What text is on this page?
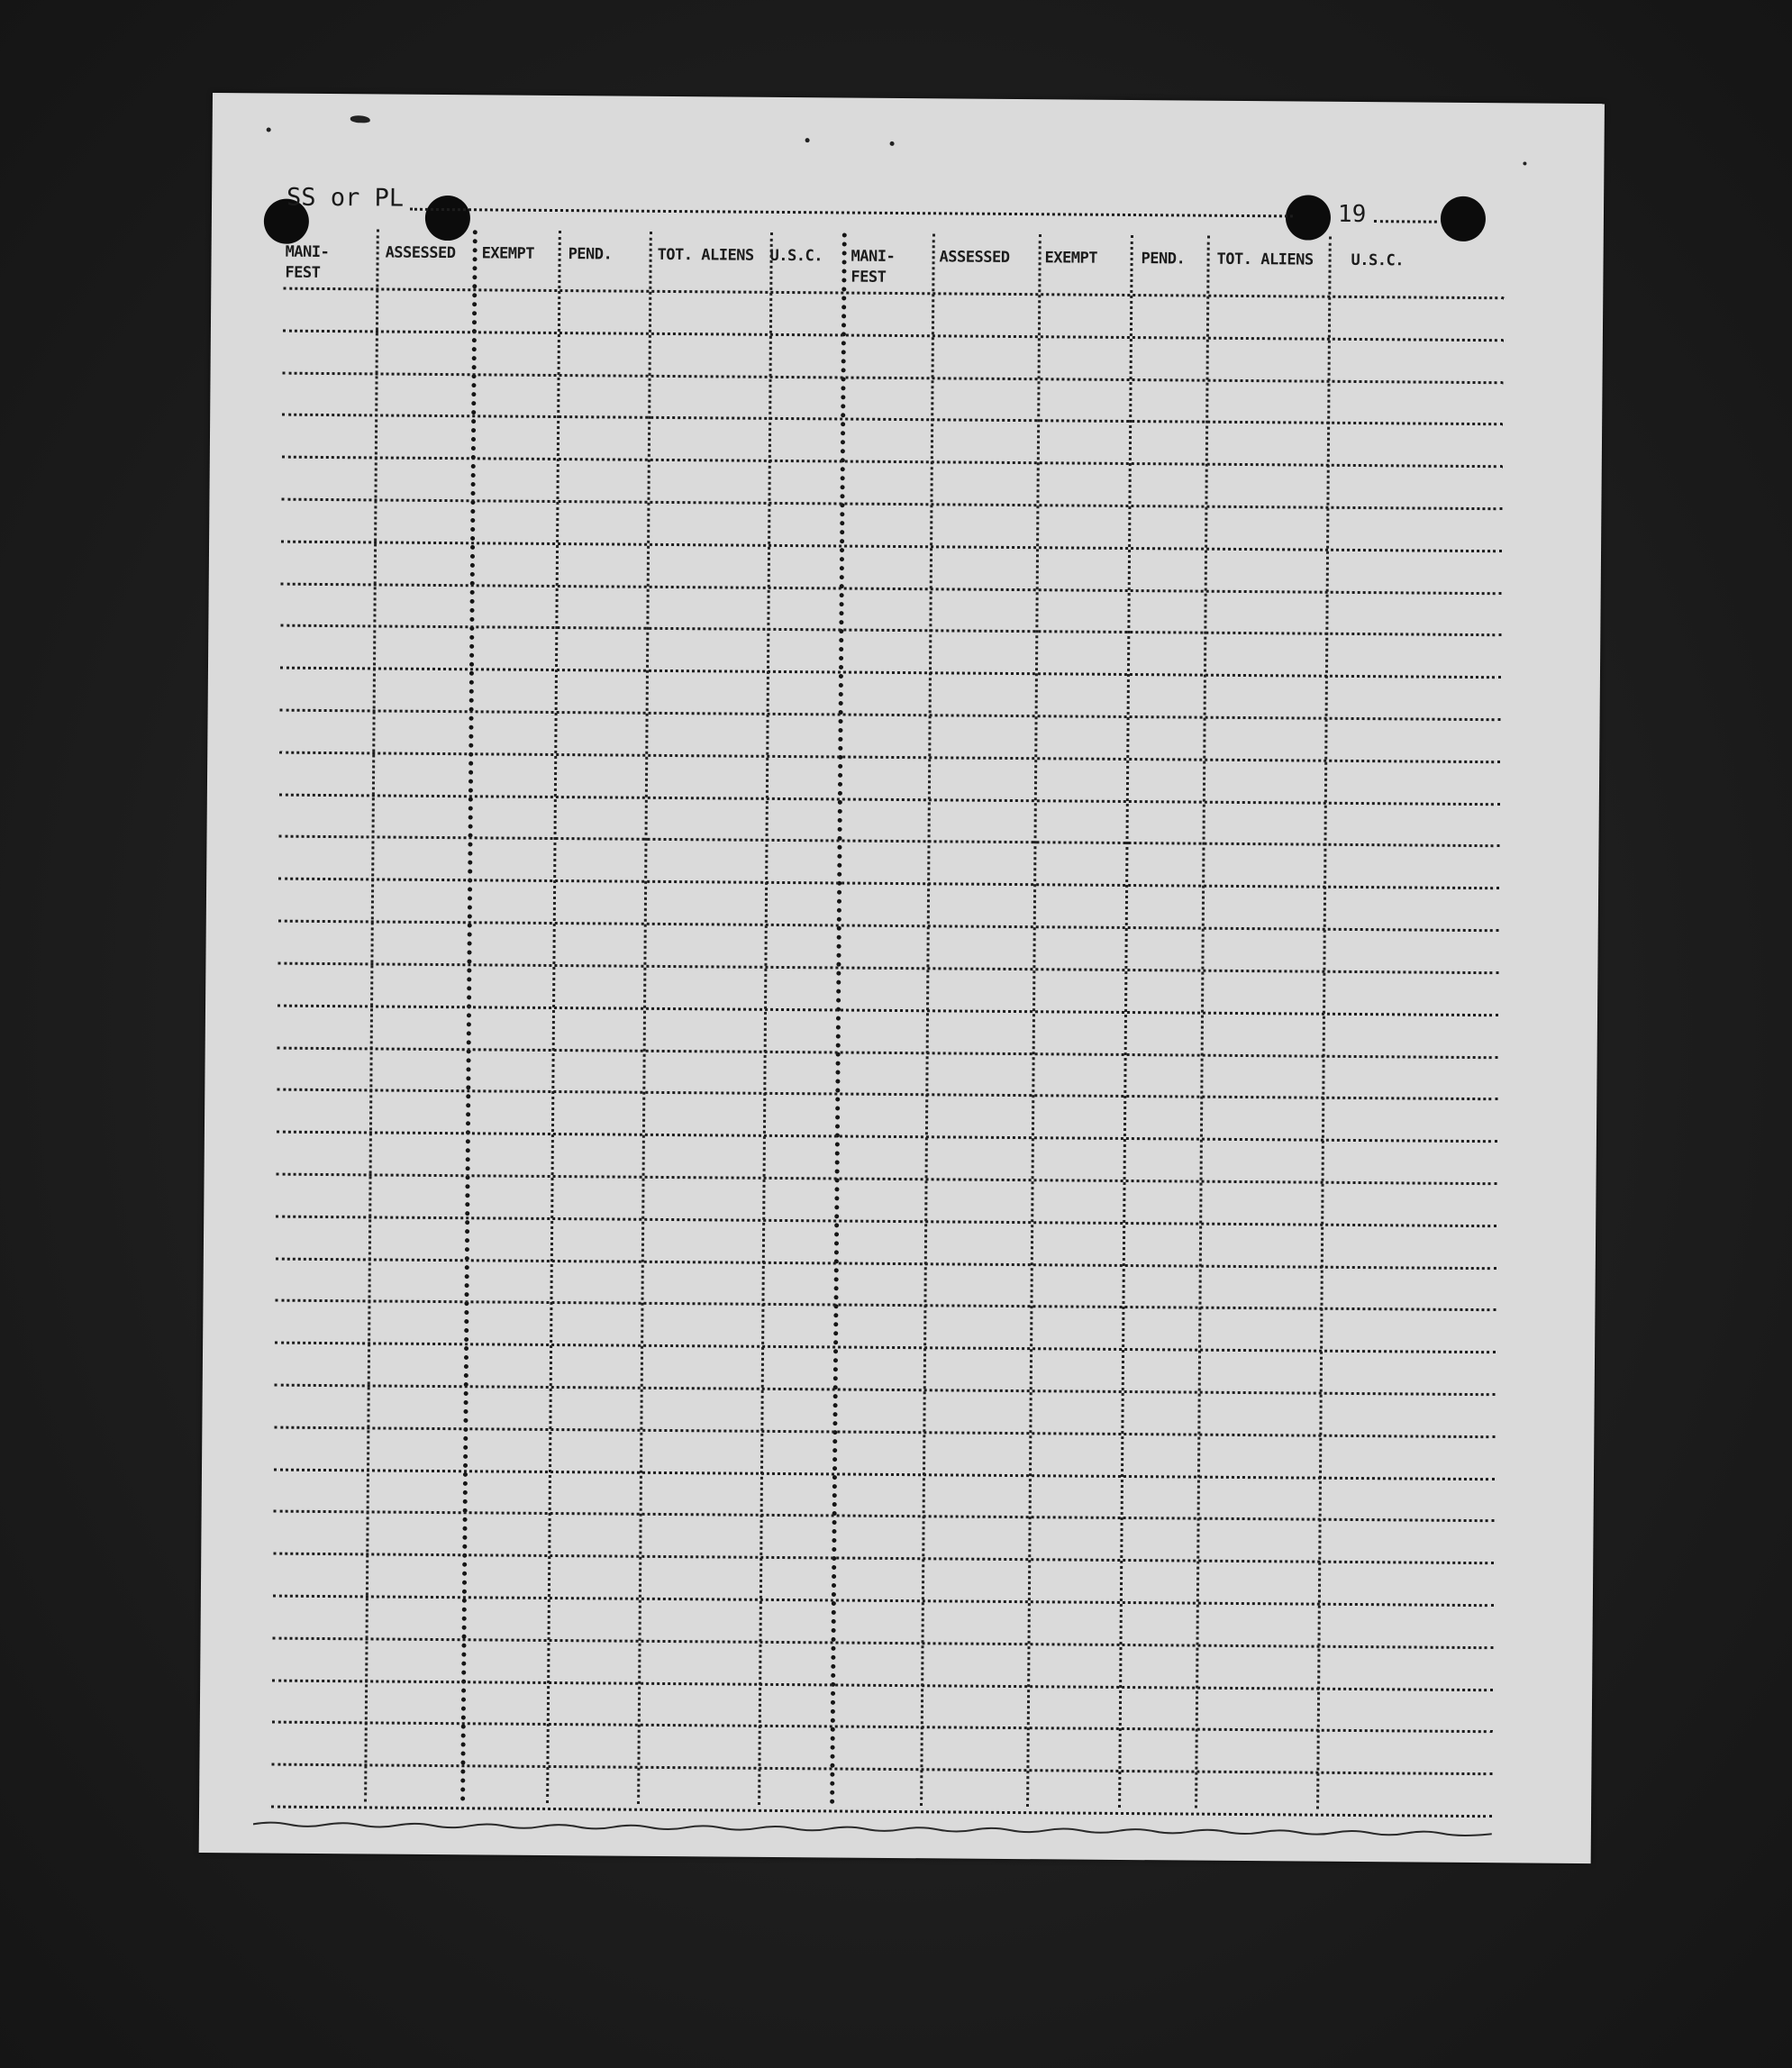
SS or PL
19
MANI-
FEST
ASSESSED EXEMPT PEND.	TOT. ALIENS U.S.C. MANI-
FEST
ASSESSED EXEMPT	PEND. TOT. ALIENS U.S.C.
